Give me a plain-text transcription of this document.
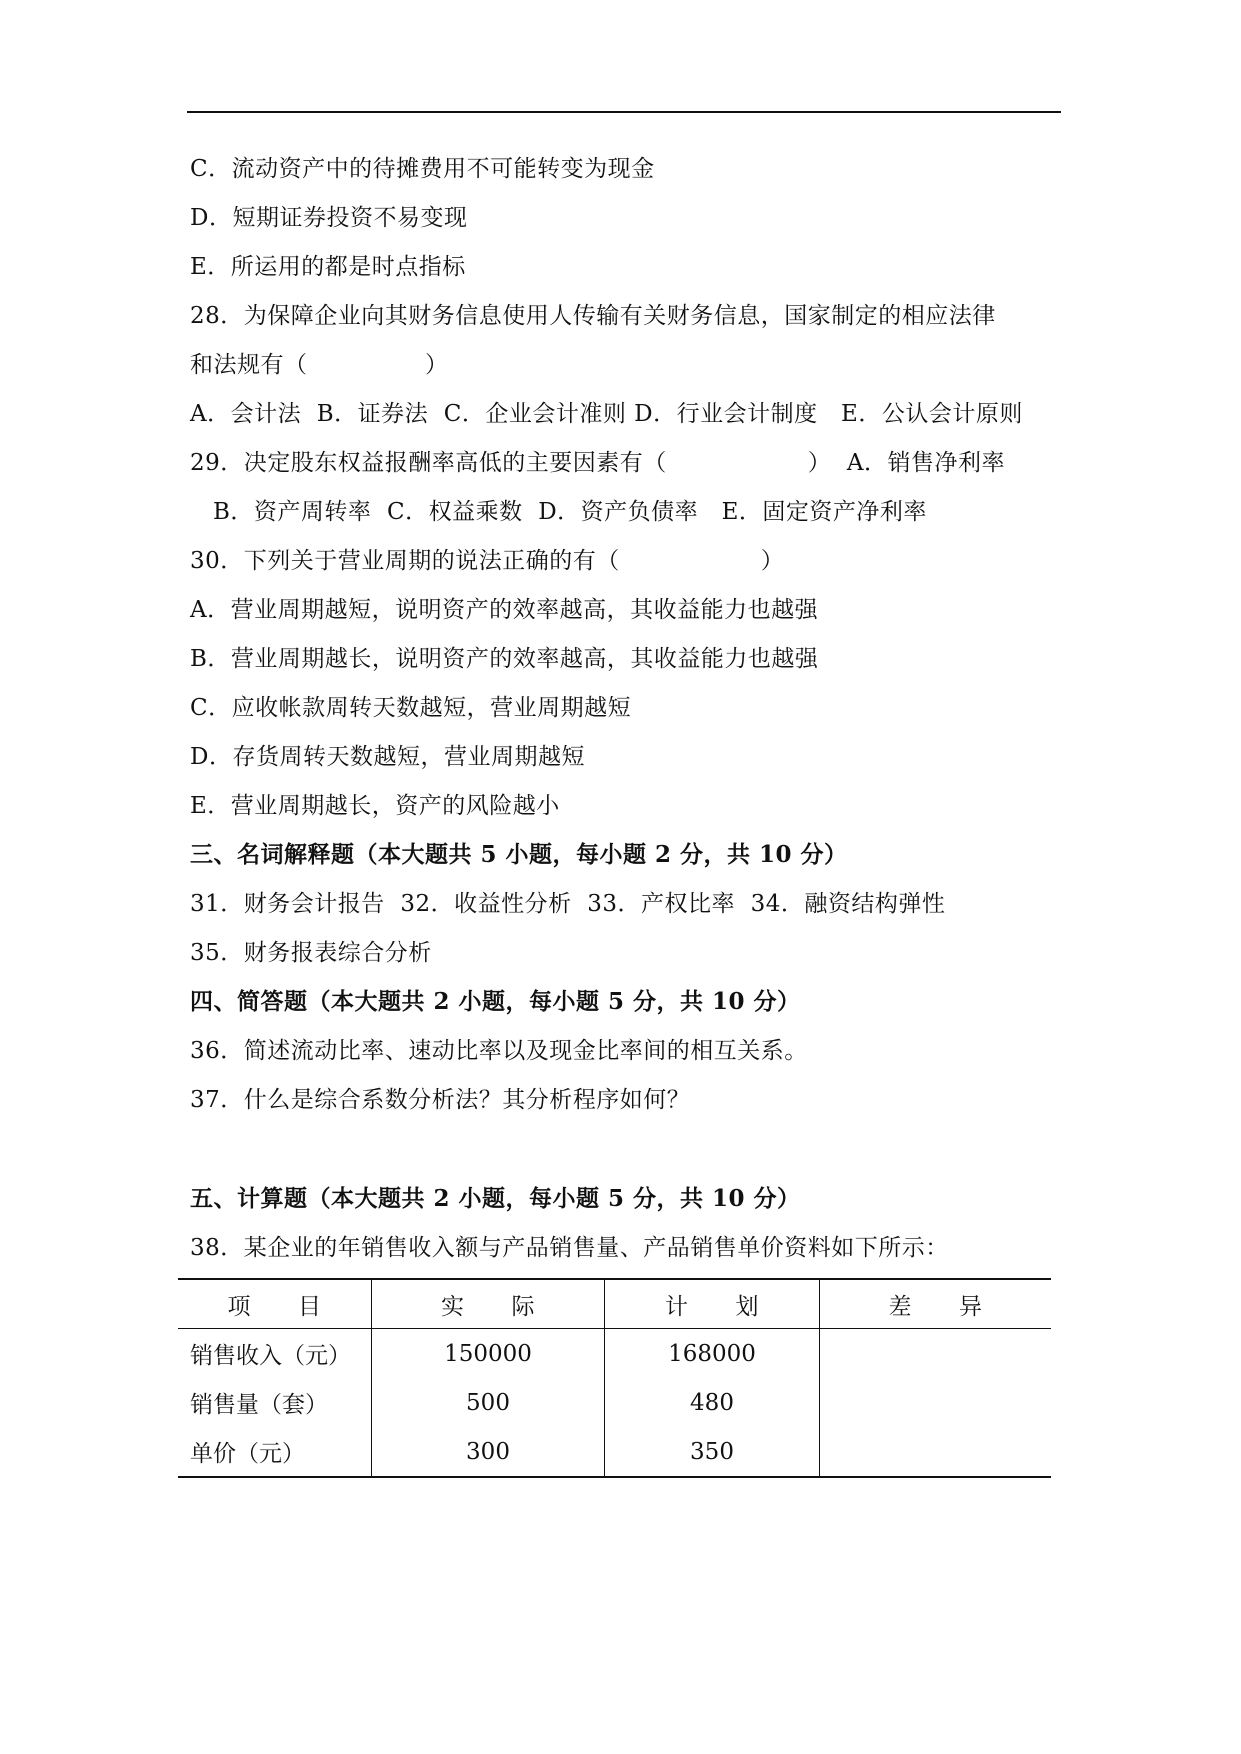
C．流动资产中的待摊费用不可能转变为现金
D．短期证券投资不易变现
E．所运用的都是时点指标
28．为保障企业向其财务信息使用人传输有关财务信息，国家制定的相应法律
和法规有（　　　　　）
A．会计法  B．证券法  C．企业会计准则 D．行业会计制度   E．公认会计原则
29．决定股东权益报酬率高低的主要因素有（　　　　　　）  A．销售净利率
B．资产周转率  C．权益乘数  D．资产负债率   E．固定资产净利率
30．下列关于营业周期的说法正确的有（　　　　　　）
A．营业周期越短，说明资产的效率越高，其收益能力也越强
B．营业周期越长，说明资产的效率越高，其收益能力也越强
C．应收帐款周转天数越短，营业周期越短
D．存货周转天数越短，营业周期越短
E．营业周期越长，资产的风险越小
三、名词解释题（本大题共 5 小题，每小题 2 分，共 10 分）
31．财务会计报告  32．收益性分析  33．产权比率  34．融资结构弹性
35．财务报表综合分析
四、简答题（本大题共 2 小题，每小题 5 分，共 10 分）
36．简述流动比率、速动比率以及现金比率间的相互关系。
37．什么是综合系数分析法？其分析程序如何？
五、计算题（本大题共 2 小题，每小题 5 分，共 10 分）
38．某企业的年销售收入额与产品销售量、产品销售单价资料如下所示：
项　　目	实　　际	计　　划	差　　异
销售收入（元）	150000	168000	
销售量（套）	500	480	
单价（元）	300	350	
